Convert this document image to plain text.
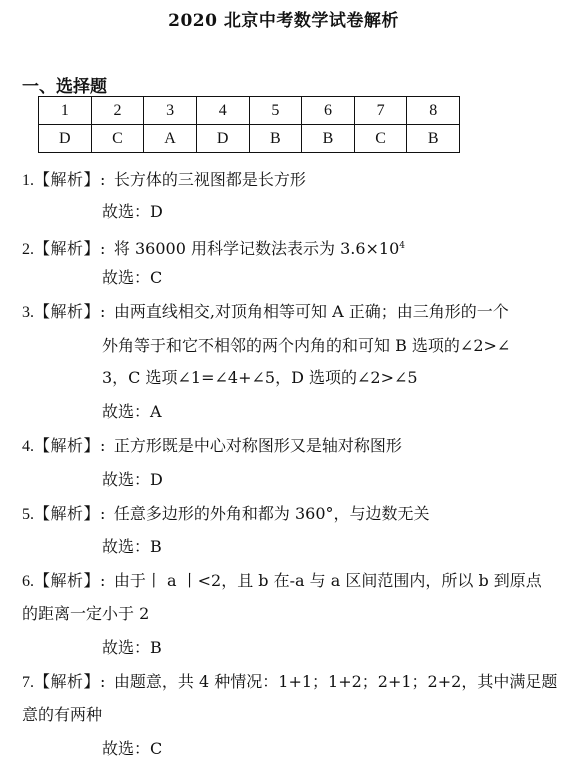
2020 北京中考数学试卷解析
一、选择题
1	2	3	4	5	6	7	8
D	C	A	D	B	B	C	B
1.【解析】: 长方体的三视图都是长方形
故选：D
2.【解析】: 将 36000 用科学记数法表示为 $3.6\times 10^4$
故选：C
3.【解析】: 由两直线相交,对顶角相等可知 A 正确；由三角形的一个
外角等于和它不相邻的两个内角的和可知 B 选项的∠2>∠
3，C 选项∠1=∠4+∠5，D 选项的∠2>∠5
故选：A
4.【解析】: 正方形既是中心对称图形又是轴对称图形
故选：D
5.【解析】: 任意多边形的外角和都为 360°，与边数无关
故选：B
6.【解析】: 由于丨 a 丨<2，且 b 在-a 与 a 区间范围内，所以 b 到原点
的距离一定小于 2
故选：B
7.【解析】: 由题意，共 4 种情况：1+1；1+2；2+1；2+2，其中满足题
意的有两种
故选：C
